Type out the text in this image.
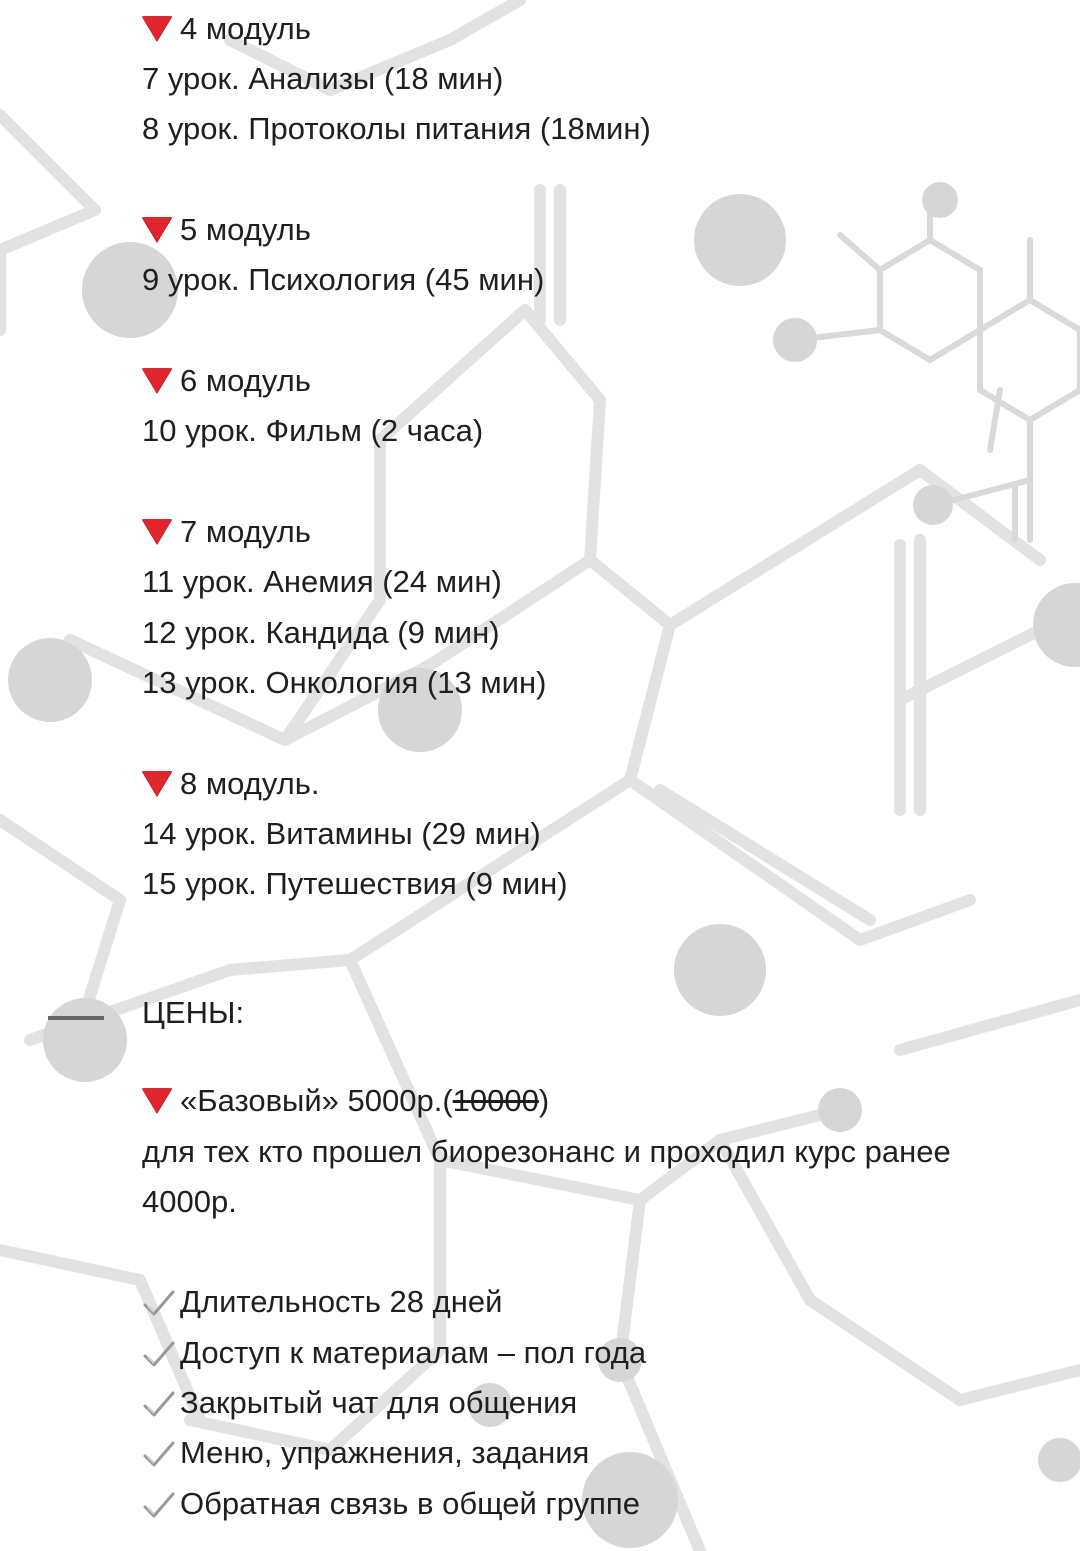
4 модуль
7 урок. Анализы (18 мин)
8 урок. Протоколы питания (18мин)
5 модуль
9 урок. Психология (45 мин)
6 модуль
10 урок. Фильм (2 часа)
7 модуль
11 урок. Анемия (24 мин)
12 урок. Кандида (9 мин)
13 урок. Онкология (13 мин)
8 модуль.
14 урок. Витамины (29 мин)
15 урок. Путешествия (9 мин)
ЦЕНЫ:
«Базовый» 5000р.(10000)
для тех кто прошел биорезонанс и проходил курс ранее 4000р.
Длительность 28 дней
Доступ к материалам – пол года
Закрытый чат для общения
Меню, упражнения, задания
Обратная связь в общей группе
